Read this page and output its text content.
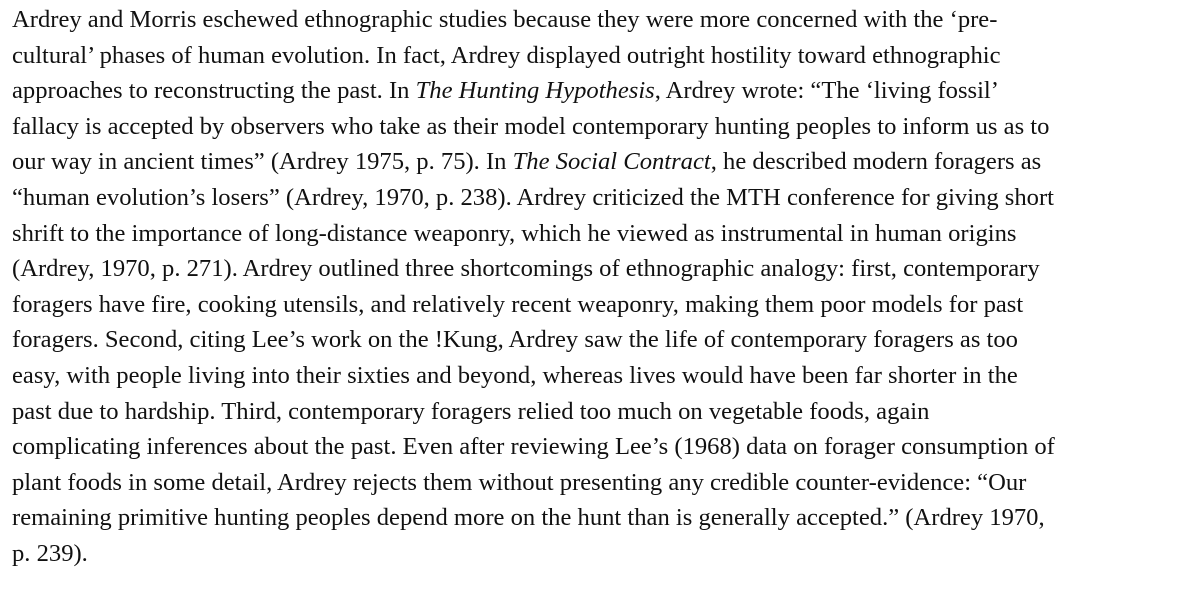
Ardrey and Morris eschewed ethnographic studies because they were more concerned with the ‘pre-
cultural’ phases of human evolution. In fact, Ardrey displayed outright hostility toward ethnographic
approaches to reconstructing the past. In The Hunting Hypothesis, Ardrey wrote: “The ‘living fossil’
fallacy is accepted by observers who take as their model contemporary hunting peoples to inform us as to
our way in ancient times” (Ardrey 1975, p. 75). In The Social Contract, he described modern foragers as
“human evolution’s losers” (Ardrey, 1970, p. 238). Ardrey criticized the MTH conference for giving short
shrift to the importance of long-distance weaponry, which he viewed as instrumental in human origins
(Ardrey, 1970, p. 271). Ardrey outlined three shortcomings of ethnographic analogy: first, contemporary
foragers have fire, cooking utensils, and relatively recent weaponry, making them poor models for past
foragers. Second, citing Lee’s work on the !Kung, Ardrey saw the life of contemporary foragers as too
easy, with people living into their sixties and beyond, whereas lives would have been far shorter in the
past due to hardship. Third, contemporary foragers relied too much on vegetable foods, again
complicating inferences about the past. Even after reviewing Lee’s (1968) data on forager consumption of
plant foods in some detail, Ardrey rejects them without presenting any credible counter-evidence: “Our
remaining primitive hunting peoples depend more on the hunt than is generally accepted.” (Ardrey 1970,
p. 239).
